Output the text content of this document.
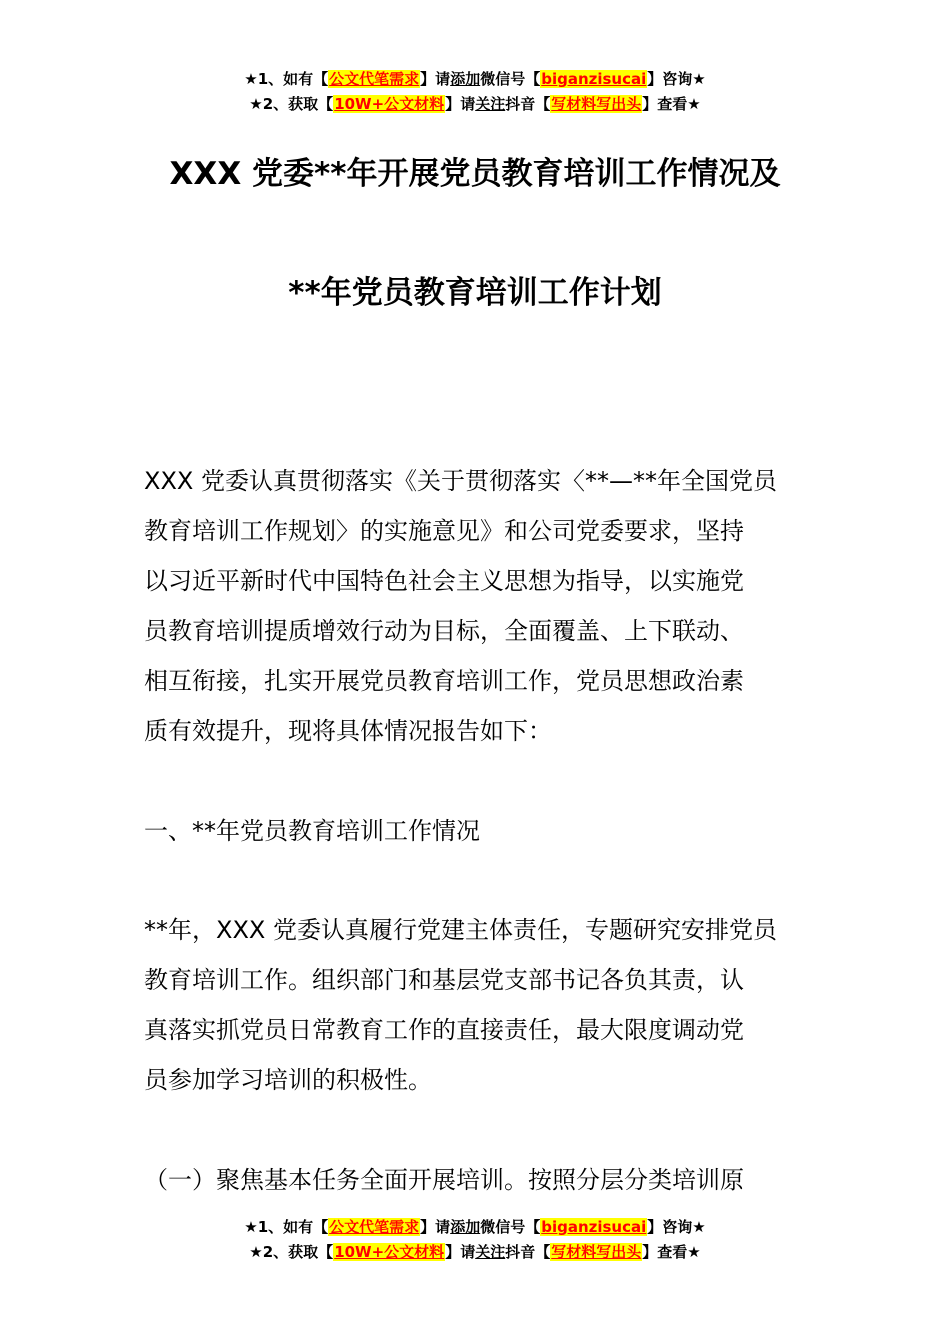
★1、如有【公文代笔需求】请添加微信号【biganzisucai】咨询★
★2、获取【10W+公文材料】请关注抖音【写材料写出头】查看★
XXX 党委**年开展党员教育培训工作情况及
**年党员教育培训工作计划
XXX 党委认真贯彻落实《关于贯彻落实〈**—**年全国党员
教育培训工作规划〉的实施意见》和公司党委要求，坚持
以习近平新时代中国特色社会主义思想为指导，以实施党
员教育培训提质增效行动为目标，全面覆盖、上下联动、
相互衔接，扎实开展党员教育培训工作，党员思想政治素
质有效提升，现将具体情况报告如下：
一、**年党员教育培训工作情况
**年，XXX 党委认真履行党建主体责任，专题研究安排党员
教育培训工作。组织部门和基层党支部书记各负其责，认
真落实抓党员日常教育工作的直接责任，最大限度调动党
员参加学习培训的积极性。
（一）聚焦基本任务全面开展培训。按照分层分类培训原
★1、如有【公文代笔需求】请添加微信号【biganzisucai】咨询★
★2、获取【10W+公文材料】请关注抖音【写材料写出头】查看★
